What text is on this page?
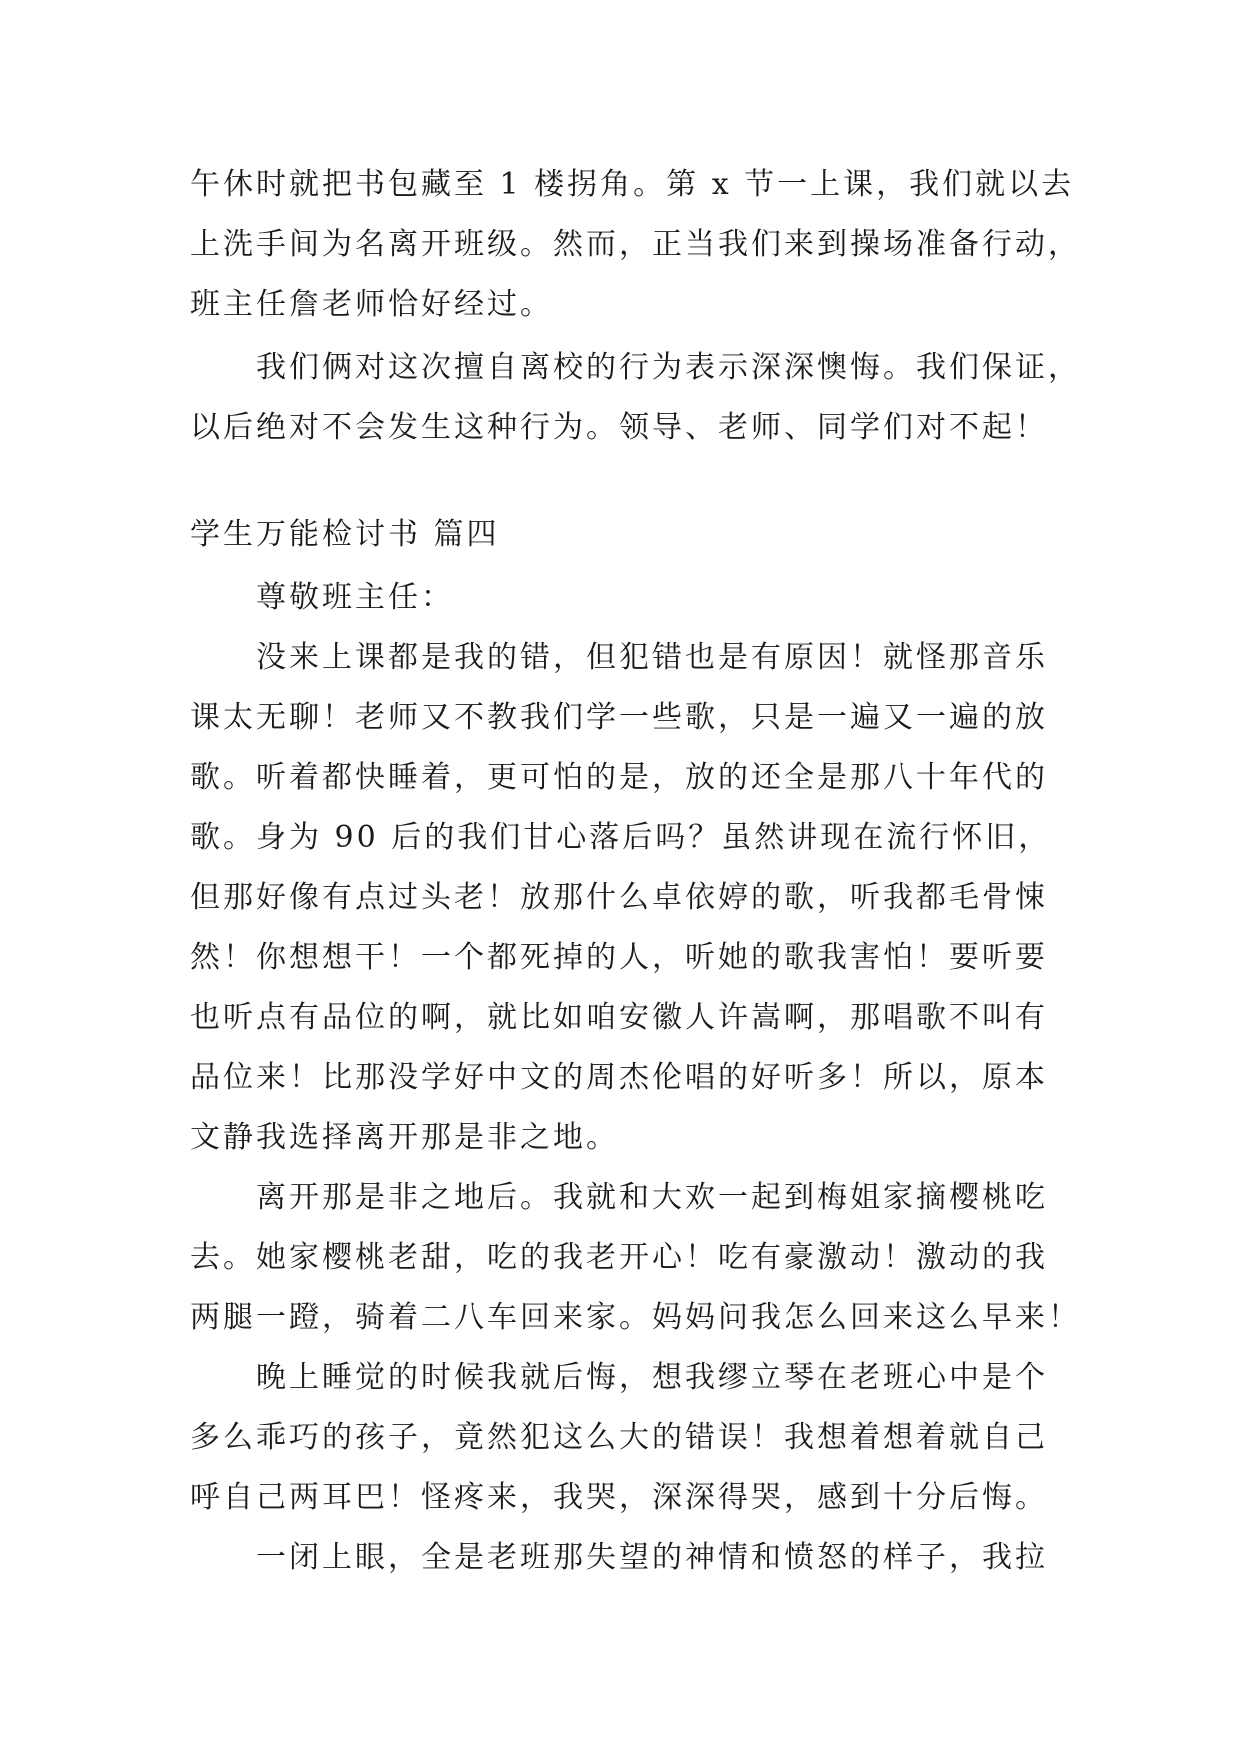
午休时就把书包藏至 1 楼拐角。第 x 节一上课，我们就以去
上洗手间为名离开班级。然而，正当我们来到操场准备行动，
班主任詹老师恰好经过。
　　我们俩对这次擅自离校的行为表示深深懊悔。我们保证，
以后绝对不会发生这种行为。领导、老师、同学们对不起！
学生万能检讨书 篇四
　　尊敬班主任：
　　没来上课都是我的错，但犯错也是有原因！就怪那音乐
课太无聊！老师又不教我们学一些歌，只是一遍又一遍的放
歌。听着都快睡着，更可怕的是，放的还全是那八十年代的
歌。身为 90 后的我们甘心落后吗？虽然讲现在流行怀旧，
但那好像有点过头老！放那什么卓依婷的歌，听我都毛骨悚
然！你想想干！一个都死掉的人，听她的歌我害怕！要听要
也听点有品位的啊，就比如咱安徽人许嵩啊，那唱歌不叫有
品位来！比那没学好中文的周杰伦唱的好听多！所以，原本
文静我选择离开那是非之地。
　　离开那是非之地后。我就和大欢一起到梅姐家摘樱桃吃
去。她家樱桃老甜，吃的我老开心！吃有豪激动！激动的我
两腿一蹬，骑着二八车回来家。妈妈问我怎么回来这么早来！
　　晚上睡觉的时候我就后悔，想我缪立琴在老班心中是个
多么乖巧的孩子，竟然犯这么大的错误！我想着想着就自己
呼自己两耳巴！怪疼来，我哭，深深得哭，感到十分后悔。
　　一闭上眼，全是老班那失望的神情和愤怒的样子，我拉
